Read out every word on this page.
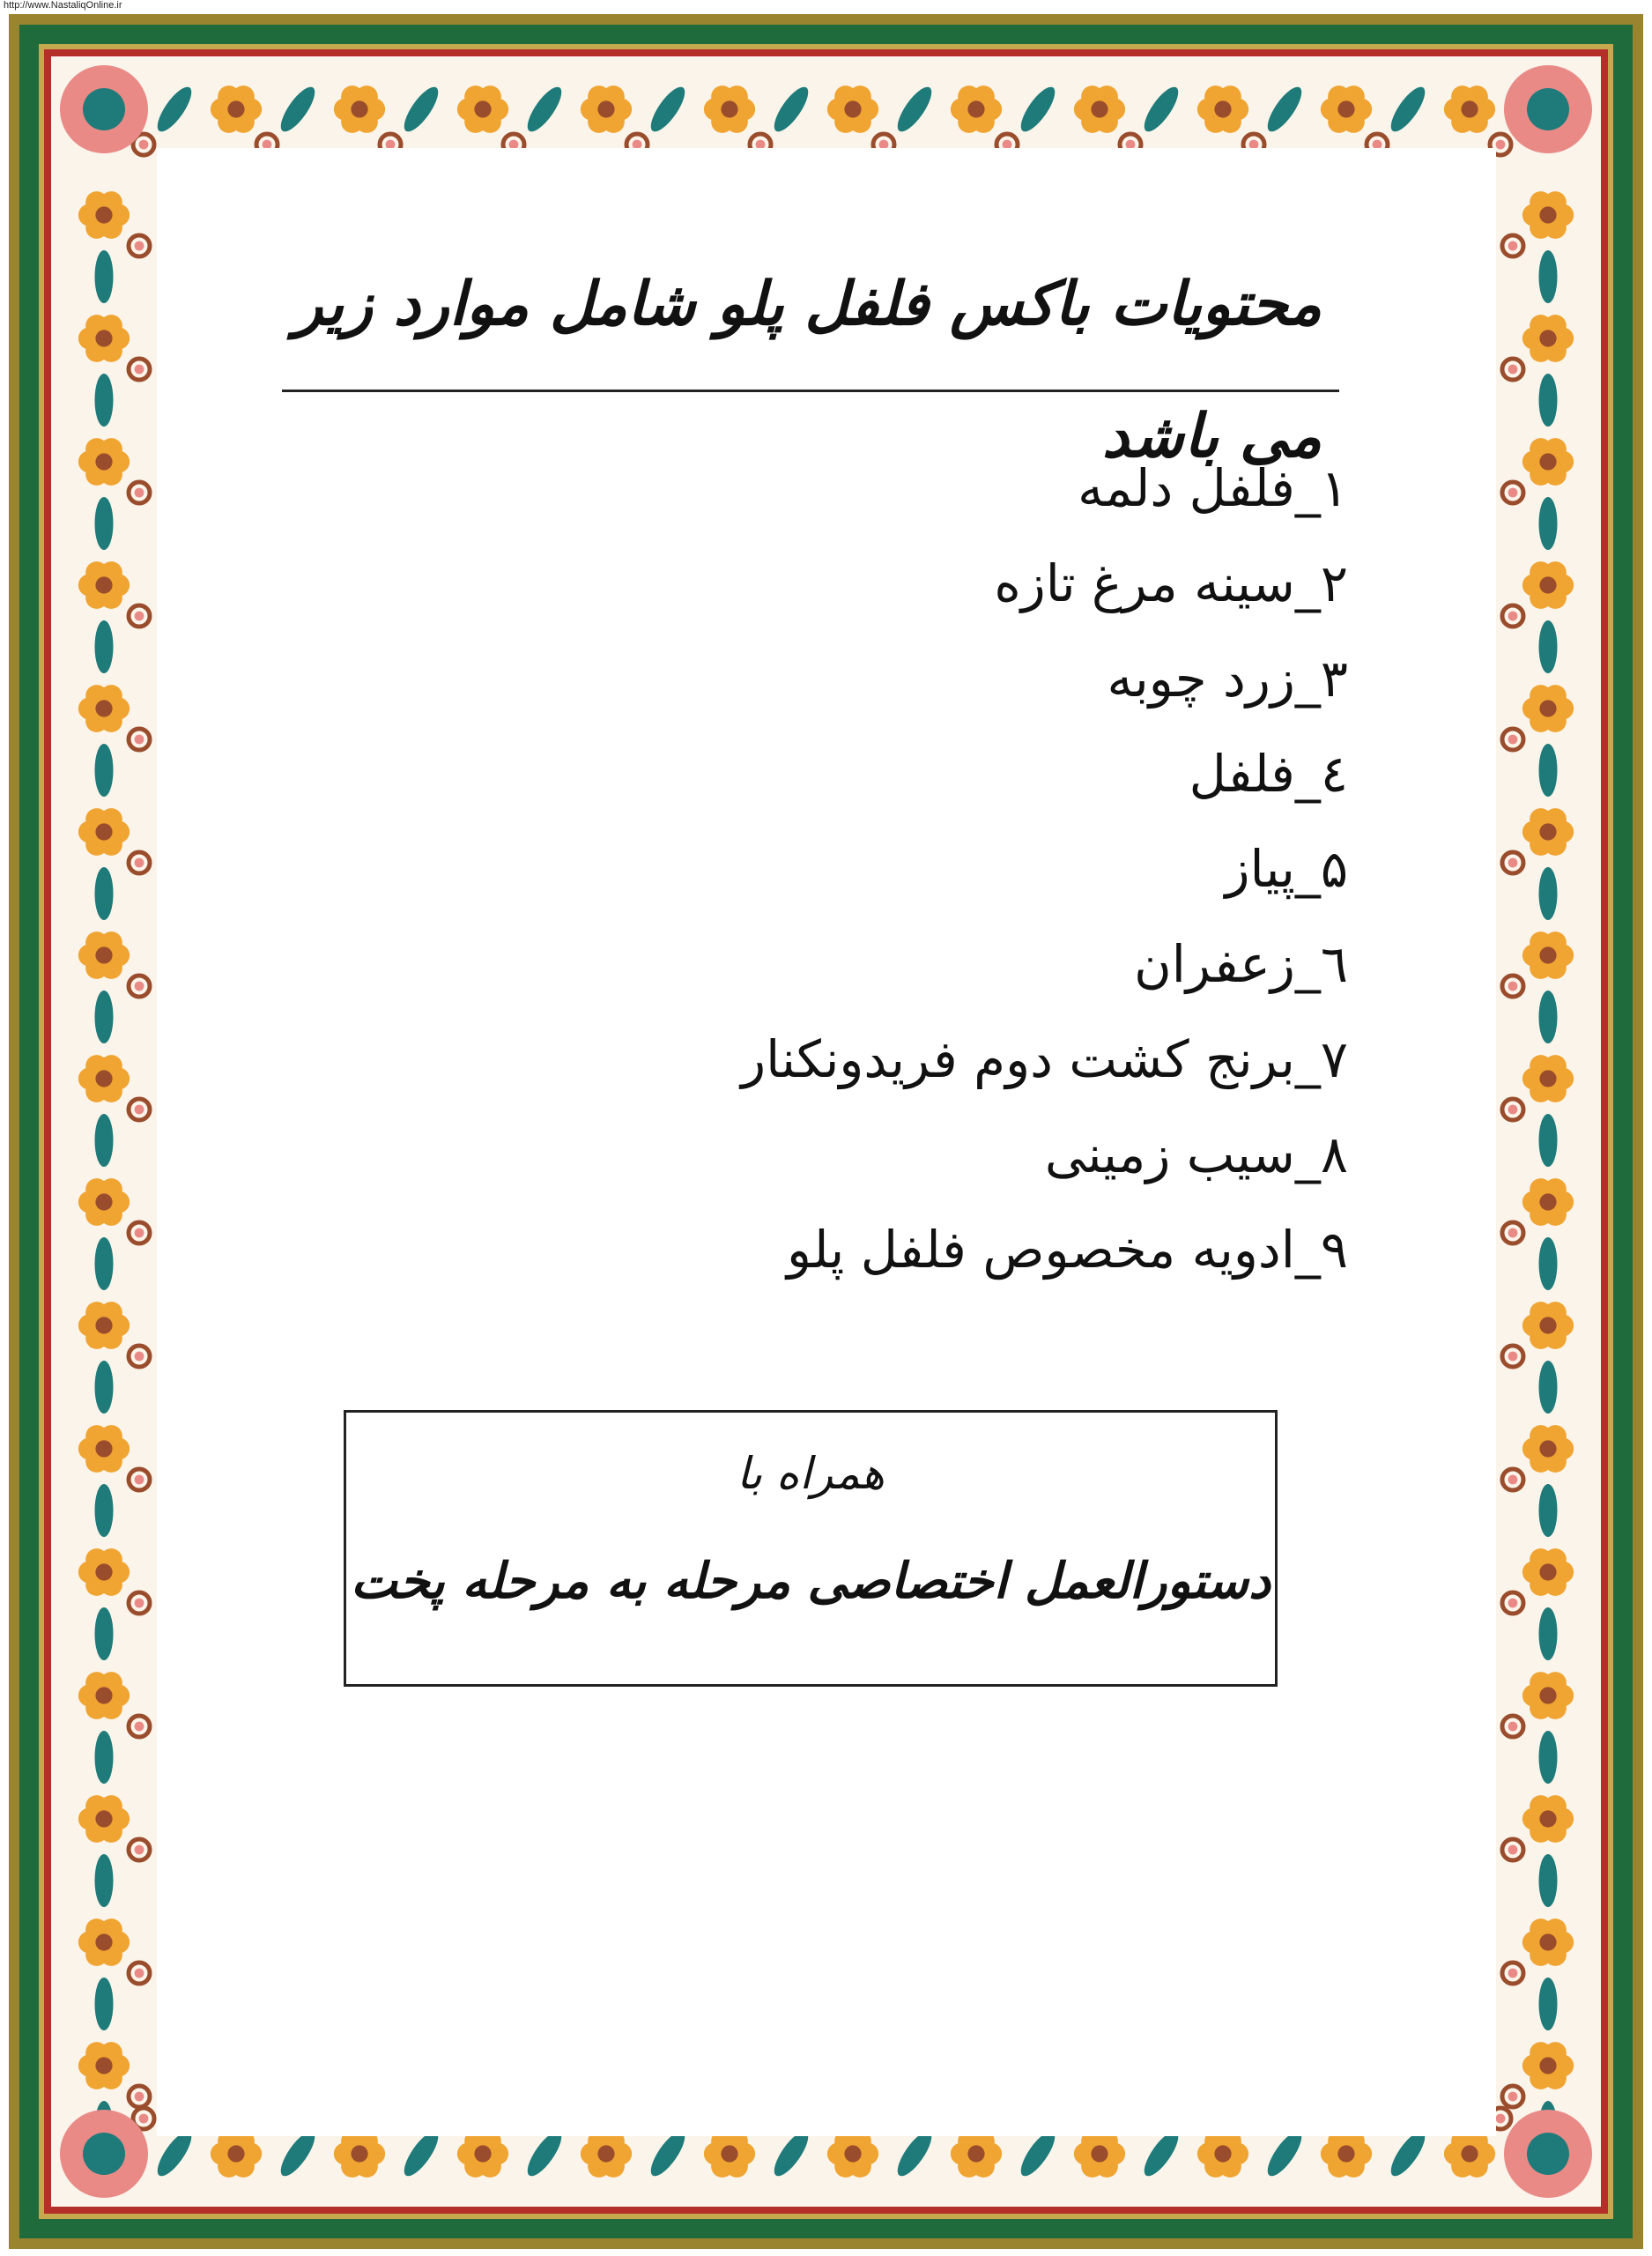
http://www.NastaliqOnline.ir
محتویات باکس فلفل پلو شامل موارد زیر می باشد
۱_فلفل دلمه
۲_سینه مرغ تازه
۳_زرد چوبه
٤_فلفل
۵_پیاز
٦_زعفران
۷_برنج کشت دوم فریدونکنار
۸_سیب زمینی
۹_ادویه مخصوص فلفل پلو
همراه با
دستورالعمل اختصاصی مرحله به مرحله پخت
